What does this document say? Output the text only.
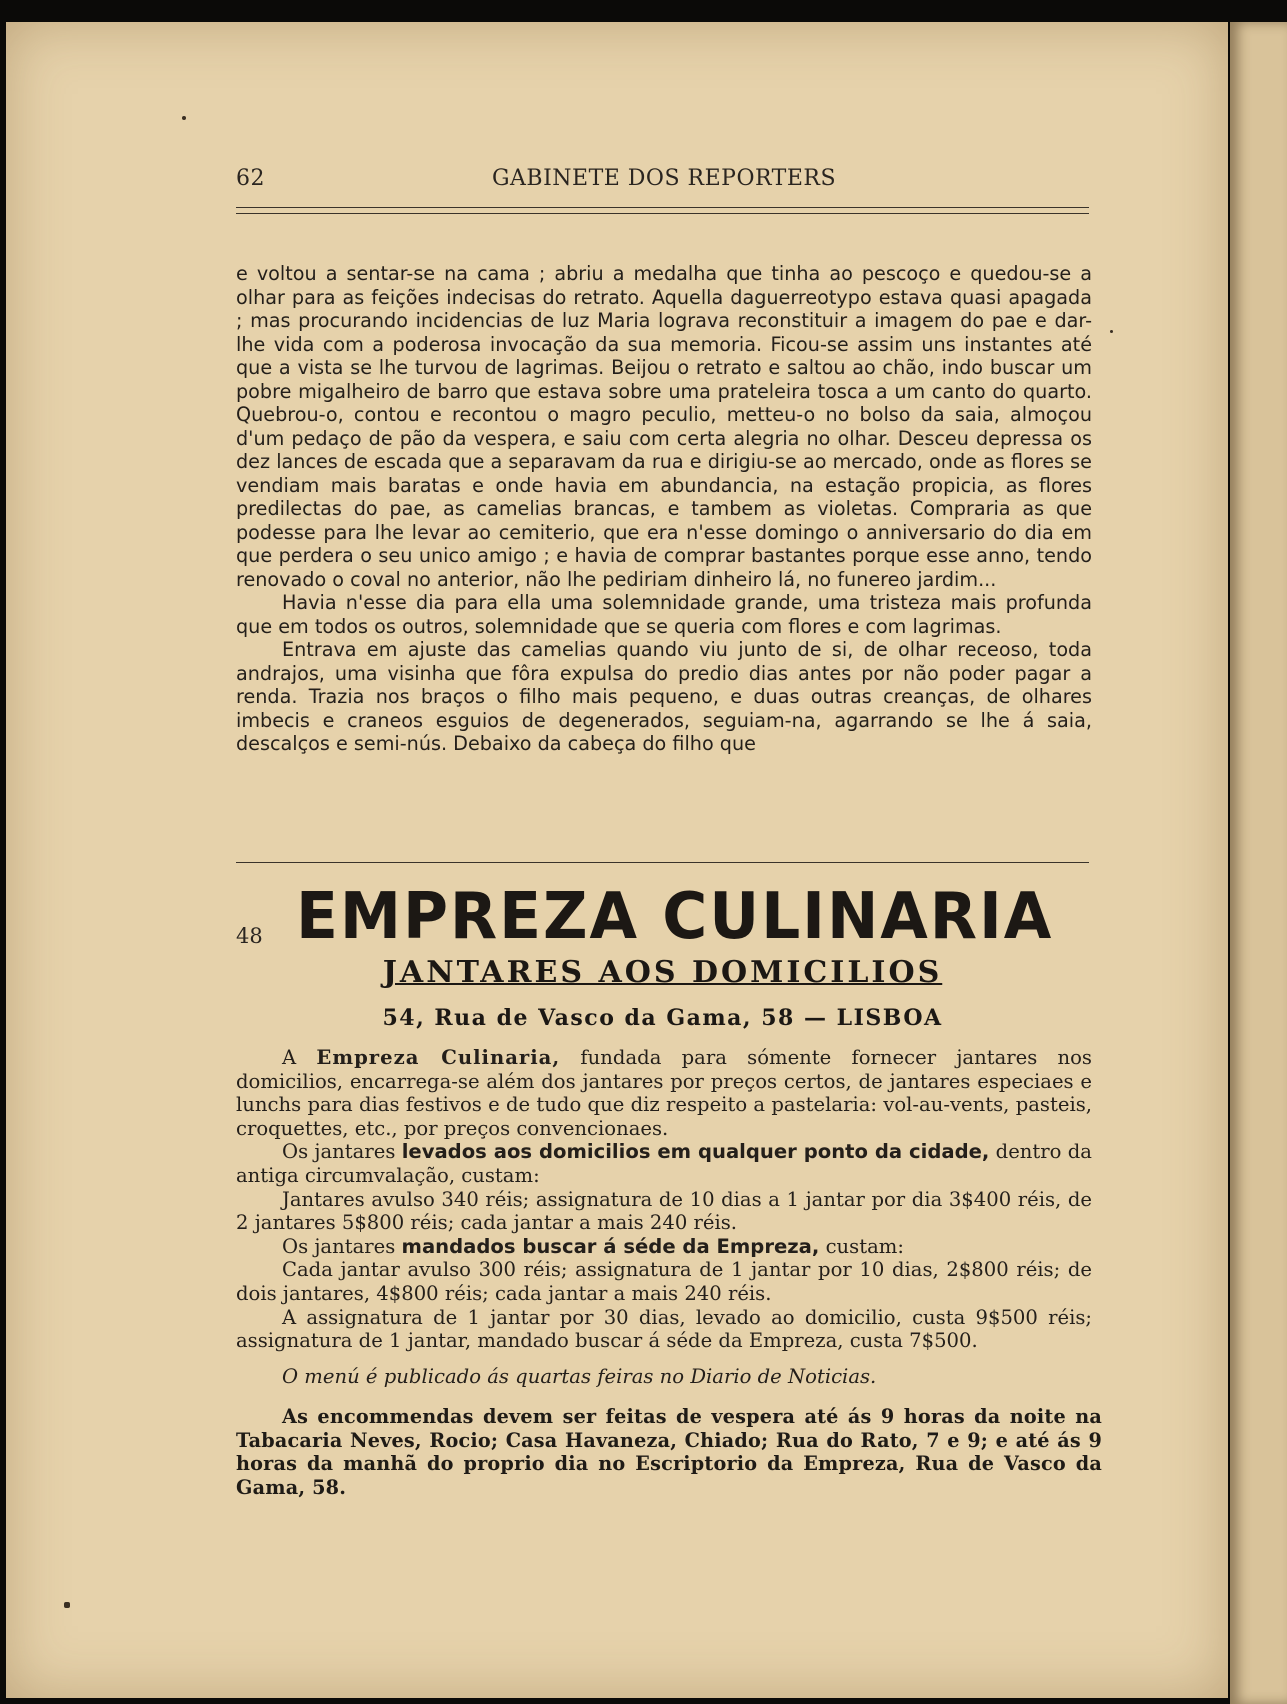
62	GABINETE DOS REPORTERS

e voltou a sentar-se na cama ; abriu a medalha que tinha ao pescoço e quedou-se a olhar para as feições indecisas do retrato. Aquella daguerreotypo estava quasi apagada ; mas procurando incidencias de luz Maria lograva reconstituir a imagem do pae e dar-lhe vida com a poderosa invocação da sua memoria. Ficou-se assim uns instantes até que a vista se lhe turvou de lagrimas. Beijou o retrato e saltou ao chão, indo buscar um pobre migalheiro de barro que estava sobre uma prateleira tosca a um canto do quarto. Quebrou-o, contou e recontou o magro peculio, metteu-o no bolso da saia, almoçou d'um pedaço de pão da vespera, e saiu com certa alegria no olhar. Desceu depressa os dez lances de escada que a separavam da rua e dirigiu-se ao mercado, onde as flores se vendiam mais baratas e onde havia em abundancia, na estação propicia, as flores predilectas do pae, as camelias brancas, e tambem as violetas. Compraria as que podesse para lhe levar ao cemiterio, que era n'esse domingo o anniversario do dia em que perdera o seu unico amigo ; e havia de comprar bastantes porque esse anno, tendo renovado o coval no anterior, não lhe pediriam dinheiro lá, no funereo jardim...

Havia n'esse dia para ella uma solemnidade grande, uma tristeza mais profunda que em todos os outros, solemnidade que se queria com flores e com lagrimas.

Entrava em ajuste das camelias quando viu junto de si, de olhar receoso, toda andrajos, uma visinha que fôra expulsa do predio dias antes por não poder pagar a renda. Trazia nos braços o filho mais pequeno, e duas outras creanças, de olhares imbecis e craneos esguios de degenerados, seguiam-na, agarrando se lhe á saia, descalços e semi-nús. Debaixo da cabeça do filho que

48 EMPREZA CULINARIA
JANTARES AOS DOMICILIOS
54, Rua de Vasco da Gama, 58 — LISBOA

A Empreza Culinaria, fundada para sómente fornecer jantares nos domicilios, encarrega-se além dos jantares por preços certos, de jantares especiaes e lunchs para dias festivos e de tudo que diz respeito a pastelaria: vol-au-vents, pasteis, croquettes, etc., por preços convencionaes.

Os jantares levados aos domicilios em qualquer ponto da cidade, dentro da antiga circumvalação, custam:

Jantares avulso 340 réis; assignatura de 10 dias a 1 jantar por dia 3$400 réis, de 2 jantares 5$800 réis; cada jantar a mais 240 réis.

Os jantares mandados buscar á séde da Empreza, custam:

Cada jantar avulso 300 réis; assignatura de 1 jantar por 10 dias, 2$800 réis; de dois jantares, 4$800 réis; cada jantar a mais 240 réis.

A assignatura de 1 jantar por 30 dias, levado ao domicilio, custa 9$500 réis; assignatura de 1 jantar, mandado buscar á séde da Empreza, custa 7$500.

O menú é publicado ás quartas feiras no Diario de Noticias.

As encommendas devem ser feitas de vespera até ás 9 horas da noite na Tabacaria Neves, Rocio; Casa Havaneza, Chiado; Rua do Rato, 7 e 9; e até ás 9 horas da manhã do proprio dia no Escriptorio da Empreza, Rua de Vasco da Gama, 58.
